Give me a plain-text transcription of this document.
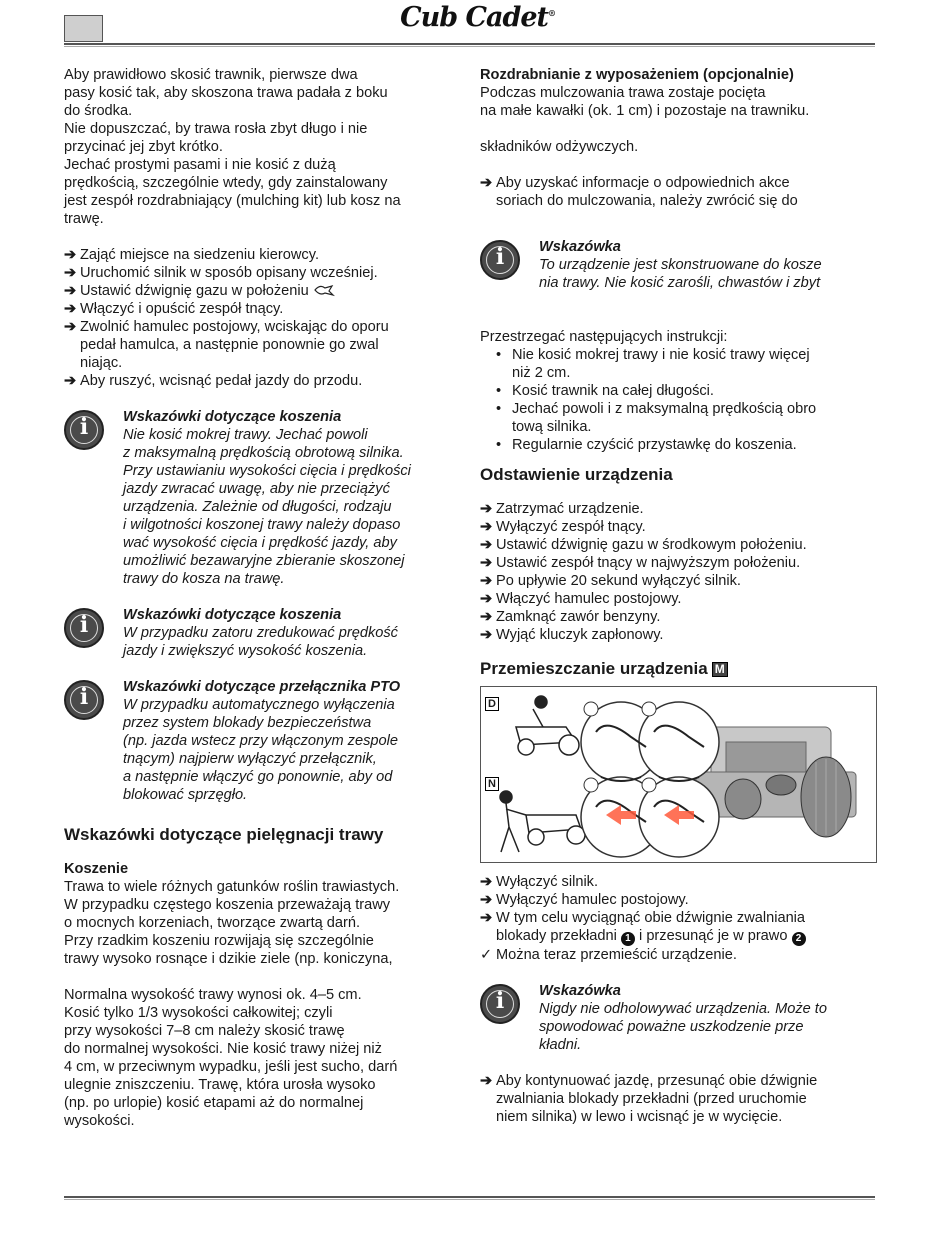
Cub Cadet®
Aby prawidłowo skosić trawnik, pierwsze dwa
pasy kosić tak, aby skoszona trawa padała z boku
do środka.
Nie dopuszczać, by trawa rosła zbyt długo i nie
przycinać jej zbyt krótko.
Jechać prostymi pasami i nie kosić z dużą
prędkością, szczególnie wtedy, gdy zainstalowany
jest zespół rozdrabniający (mulching kit) lub kosz na
trawę.
➔ Zająć miejsce na siedzeniu kierowcy.
➔ Uruchomić silnik w sposób opisany wcześniej.
➔ Ustawić dźwignię gazu w położeniu
➔ Włączyć i opuścić zespół tnący.
➔ Zwolnić hamulec postojowy, wciskając do oporu
pedał hamulca, a następnie ponownie go zwal
niając.
➔ Aby ruszyć, wcisnąć pedał jazdy do przodu.
i	Wskazówki dotyczące koszenia
Nie kosić mokrej trawy. Jechać powoli
z maksymalną prędkością obrotową silnika.
Przy ustawianiu wysokości cięcia i prędkości
jazdy zwracać uwagę, aby nie przeciążyć
urządzenia. Zależnie od długości, rodzaju
i wilgotności koszonej trawy należy dopaso
wać wysokość cięcia i prędkość jazdy, aby
umożliwić bezawaryjne zbieranie skoszonej
trawy do kosza na trawę.
i	Wskazówki dotyczące koszenia
W przypadku zatoru zredukować prędkość
jazdy i zwiększyć wysokość koszenia.
i	Wskazówki dotyczące przełącznika PTO
W przypadku automatycznego wyłączenia
przez system blokady bezpieczeństwa
(np. jazda wstecz przy włączonym zespole
tnącym) najpierw wyłączyć przełącznik,
a następnie włączyć go ponownie, aby od
blokować sprzęgło.
Wskazówki dotyczące pielęgnacji trawy
Koszenie
Trawa to wiele różnych gatunków roślin trawiastych.
W przypadku częstego koszenia przeważają trawy
o mocnych korzeniach, tworzące zwartą darń.
Przy rzadkim koszeniu rozwijają się szczególnie
trawy wysoko rosnące i dzikie ziele (np. koniczyna,
Normalna wysokość trawy wynosi ok. 4–5 cm.
Kosić tylko 1/3 wysokości całkowitej; czyli
przy wysokości 7–8 cm należy skosić trawę
do normalnej wysokości. Nie kosić trawy niżej niż
4 cm, w przeciwnym wypadku, jeśli jest sucho, darń
ulegnie zniszczeniu. Trawę, która urosła wysoko
(np. po urlopie) kosić etapami aż do normalnej
wysokości.
Rozdrabnianie z wyposażeniem (opcjonalnie)
Podczas mulczowania trawa zostaje pocięta
na małe kawałki (ok. 1 cm) i pozostaje na trawniku.

składników odżywczych.

➔ Aby uzyskać informacje o odpowiednich akce
soriach do mulczowania, należy zwrócić się do
i	Wskazówka
To urządzenie jest skonstruowane do kosze
nia trawy. Nie kosić zarośli, chwastów i zbyt

Przestrzegać następujących instrukcji:

• Nie kosić mokrej trawy i nie kosić trawy więcej
niż 2 cm.
• Kosić trawnik na całej długości.
• Jechać powoli i z maksymalną prędkością obro
tową silnika.
• Regularnie czyścić przystawkę do koszenia.
Odstawienie urządzenia
➔ Zatrzymać urządzenie.
➔ Wyłączyć zespół tnący.
➔ Ustawić dźwignię gazu w środkowym położeniu.
➔ Ustawić zespół tnący w najwyższym położeniu.
➔ Po upływie 20 sekund wyłączyć silnik.
➔ Włączyć hamulec postojowy.
➔ Zamknąć zawór benzyny.
➔ Wyjąć kluczyk zapłonowy.
Przemieszczanie urządzenia M
D
N
➔ Wyłączyć silnik.
➔ Wyłączyć hamulec postojowy.
➔ W tym celu wyciągnąć obie dźwignie zwalniania
blokady przekładni 1 i przesunąć je w prawo 2
✓ Można teraz przemieścić urządzenie.
i	Wskazówka
Nigdy nie odholowywać urządzenia. Może to
spowodować poważne uszkodzenie prze
kładni.
➔ Aby kontynuować jazdę, przesunąć obie dźwignie
zwalniania blokady przekładni (przed uruchomie
niem silnika) w lewo i wcisnąć je w wycięcie.
